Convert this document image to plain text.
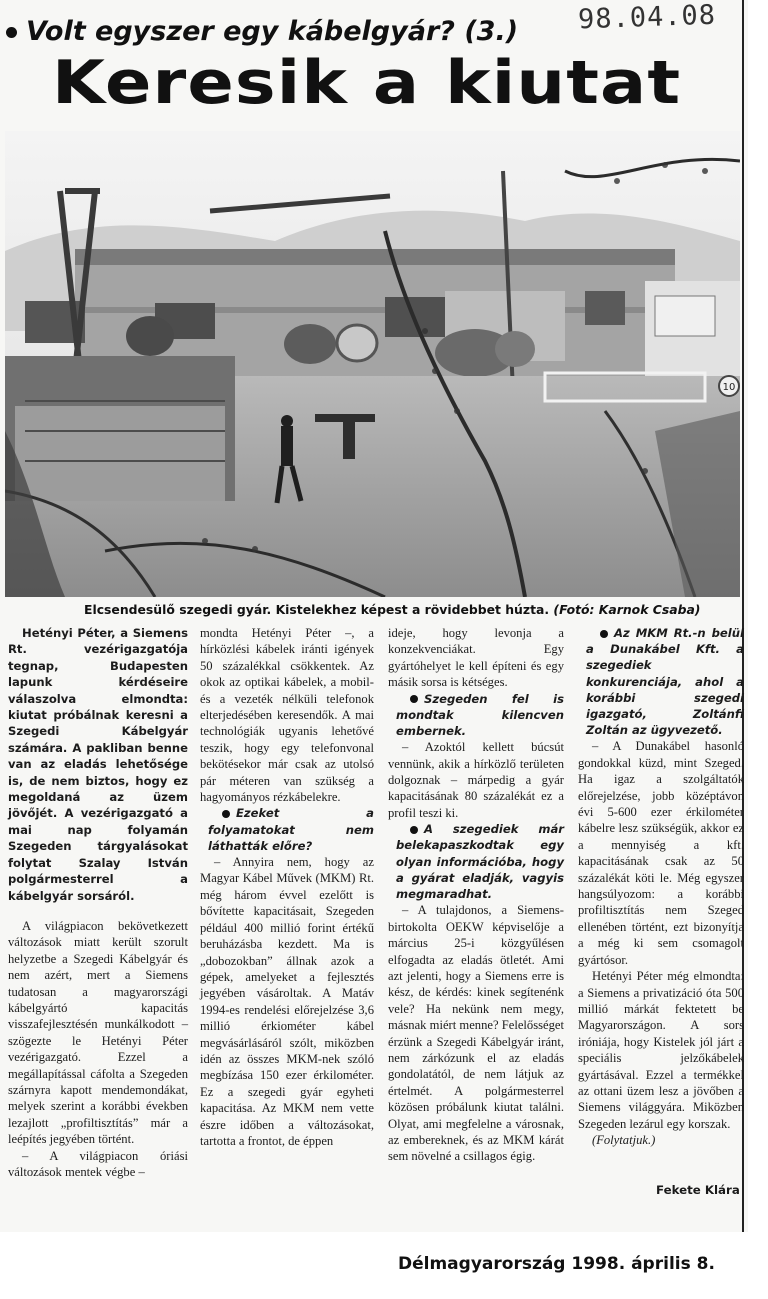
98.04.08
Volt egyszer egy kábelgyár? (3.)
Keresik a kiutat
10
Elcsendesülő szegedi gyár. Kistelekhez képest a rövidebbet húzta. (Fotó: Karnok Csaba)

Hetényi Péter, a Siemens Rt. vezérigazgatója tegnap, Budapesten lapunk kérdéseire válaszolva elmondta: kiutat próbálnak keresni a Szegedi Kábelgyár számára. A pakliban benne van az eladás lehetősége is, de nem biztos, hogy ez megoldaná az üzem jövőjét. A vezérigazgató a mai nap folyamán Szegeden tárgyalásokat folytat Szalay István polgármesterrel a kábelgyár sorsáról.

A világpiacon bekövetkezett változások miatt került szorult helyzetbe a Szegedi Kábelgyár és nem azért, mert a Siemens tudatosan a magyarországi kábelgyártó kapacitás visszafejlesztésén munkálkodott – szögezte le Hetényi Péter vezérigazgató. Ezzel a megállapítással cáfolta a Szegeden szárnyra kapott mendemondákat, melyek szerint a korábbi években lezajlott „profiltisztítás” már a leépítés jegyében történt.

– A világpiacon óriási változások mentek végbe –

mondta Hetényi Péter –, a hírközlési kábelek iránti igények 50 százalékkal csökkentek. Az okok az optikai kábelek, a mobil- és a vezeték nélküli telefonok elterjedésében keresendők. A mai technológiák ugyanis lehetővé teszik, hogy egy telefonvonal bekötésekor már csak az utolsó pár méteren van szükség a hagyományos rézkábelekre.

Ezeket a folyamatokat nem láthatták előre?

– Annyira nem, hogy az Magyar Kábel Művek (MKM) Rt. még három évvel ezelőtt is bővítette kapacitásait, Szegeden például 400 millió forint értékű beruházásba kezdett. Ma is „dobozokban” állnak azok a gépek, amelyeket a fejlesztés jegyében vásároltak. A Matáv 1994-es rendelési előrejelzése 3,6 millió érkiométer kábel megvásárlásáról szólt, miközben idén az összes MKM-nek szóló megbízása 150 ezer érkilométer. Ez a szegedi gyár egyheti kapacitása. Az MKM nem vette észre időben a változásokat, tartotta a frontot, de éppen

ideje, hogy levonja a konzekvenciákat. Egy gyártóhelyet le kell építeni és egy másik sorsa is kétséges.

Szegeden fel is mondtak kilencven embernek.

– Azoktól kellett búcsút vennünk, akik a hírközlő területen dolgoznak – márpedig a gyár kapacitásának 80 százalékát ez a profil teszi ki.

A szegediek már belekapaszkodtak egy olyan információba, hogy a gyárat eladják, vagyis megmaradhat.

– A tulajdonos, a Siemens-birtokolta OEKW képviselője a március 25-i közgyűlésen elfogadta az eladás ötletét. Ami azt jelenti, hogy a Siemens erre is kész, de kérdés: kinek segítenénk vele? Ha nekünk nem megy, másnak miért menne? Felelősséget érzünk a Szegedi Kábelgyár iránt, nem zárkózunk el az eladás gondolatától, de nem látjuk az értelmét. A polgármesterrel közösen próbálunk kiutat találni. Olyat, ami megfelelne a városnak, az embereknek, és az MKM kárát sem növelné a csillagos égig.

Az MKM Rt.-n belül a Dunakábel Kft. a szegediek konkurenciája, ahol a korábbi szegedi igazgató, Zoltánfi Zoltán az ügyvezető.

– A Dunakábel hasonló gondokkal küzd, mint Szeged. Ha igaz a szolgáltatók előrejelzése, jobb középtávon évi 5-600 ezer érkilométer kábelre lesz szükségük, akkor ez a mennyiség a kft. kapacitásának csak az 50 százalékát köti le. Még egyszer hangsúlyozom: a korábbi profiltisztítás nem Szeged ellenében történt, ezt bizonyítja a még ki sem csomagolt gyártósor.

Hetényi Péter még elmondta: a Siemens a privatizáció óta 500 millió márkát fektetett be Magyarországon. A sors iróniája, hogy Kistelek jól járt a speciális jelzőkábelek gyártásával. Ezzel a termékkel az ottani üzem lesz a jövőben a Siemens világgyára. Miközben Szegeden lezárul egy korszak.

(Folytatjuk.)

Fekete Klára
Délmagyarország 1998. április 8.
